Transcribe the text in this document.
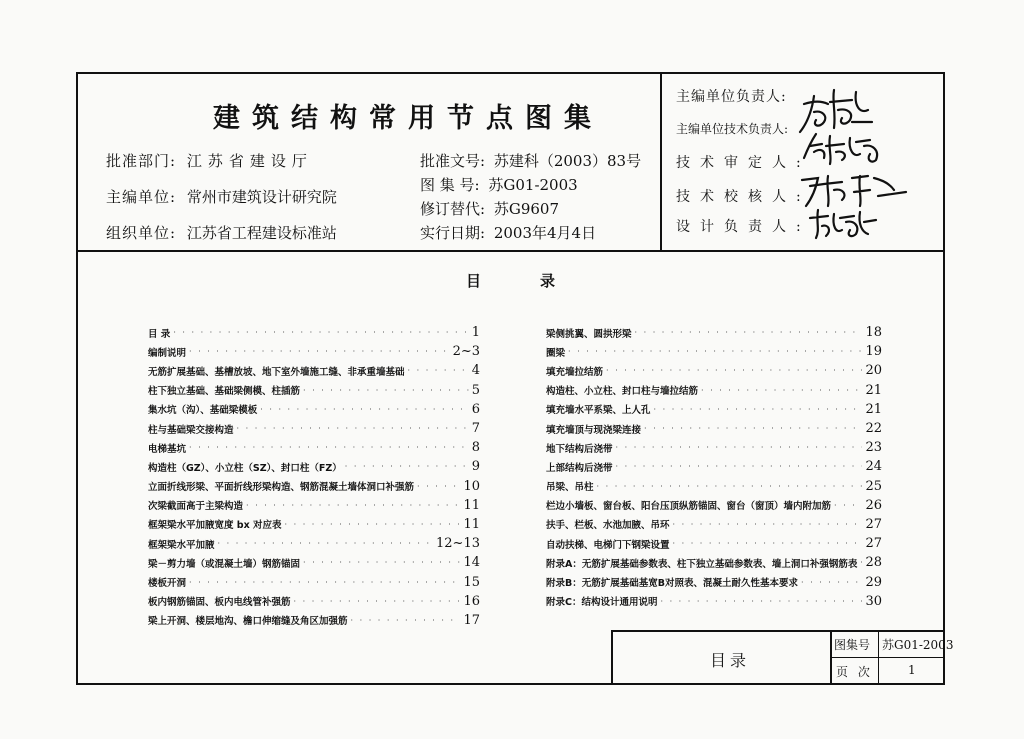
建筑结构常用节点图集
批准部门: 江苏省建设厅
主编单位: 常州市建筑设计研究院
组织单位: 江苏省工程建设标准站
批准文号: 苏建科（2003）83号
图 集 号: 苏G01-2003
修订替代: 苏G9607
实行日期: 2003年4月4日
主编单位负责人:
主编单位技术负责人:
技术审定人:
技术校核人:
设计负责人:
目	录
目 录 · · ·	1
编制说明 · · ·	2~3
无筋扩展基础、基槽放坡、地下室外墙施工缝、非承重墙基础 · · ·	4
柱下独立基础、基础梁侧模、柱插筋 · · ·	5
集水坑（沟）、基础梁模板 · · ·	6
柱与基础梁交接构造 · · ·	7
电梯基坑 · · ·	8
构造柱（GZ）、小立柱（SZ）、封口柱（FZ） · · ·	9
立面折线形梁、平面折线形梁构造、钢筋混凝土墙体洞口补强筋 · · ·	10
次梁截面高于主梁构造 · · ·	11
框架梁水平加腋宽度 bx 对应表 · · ·	11
框架梁水平加腋 · · ·	12~13
梁－剪力墙（或混凝土墙）钢筋锚固 · · ·	14
楼板开洞 · · ·	15
板内钢筋锚固、板内电线管补强筋 · · ·	16
梁上开洞、楼层地沟、檐口伸缩缝及角区加强筋 · · ·	17
梁侧挑翼、圆拱形梁 · · ·	18
圈梁 · · ·	19
填充墙拉结筋 · · ·	20
构造柱、小立柱、封口柱与墙拉结筋 · · ·	21
填充墙水平系梁、上人孔 · · ·	21
填充墙顶与现浇梁连接 · · ·	22
地下结构后浇带 · · ·	23
上部结构后浇带 · · ·	24
吊梁、吊柱 · · ·	25
栏边小墙板、窗台板、阳台压顶纵筋锚固、窗台（窗顶）墙内附加筋 · · ·	26
扶手、栏板、水池加腋、吊环 · · ·	27
自动扶梯、电梯门下钢梁设置 · · ·	27
附录A：无筋扩展基础参数表、柱下独立基础参数表、墙上洞口补强钢筋表 · · · 28
附录B：无筋扩展基础基宽B对照表、混凝土耐久性基本要求 · · ·	29
附录C：结构设计通用说明 · · ·	30
目录
图集号 苏G01-2003
页 次	1
